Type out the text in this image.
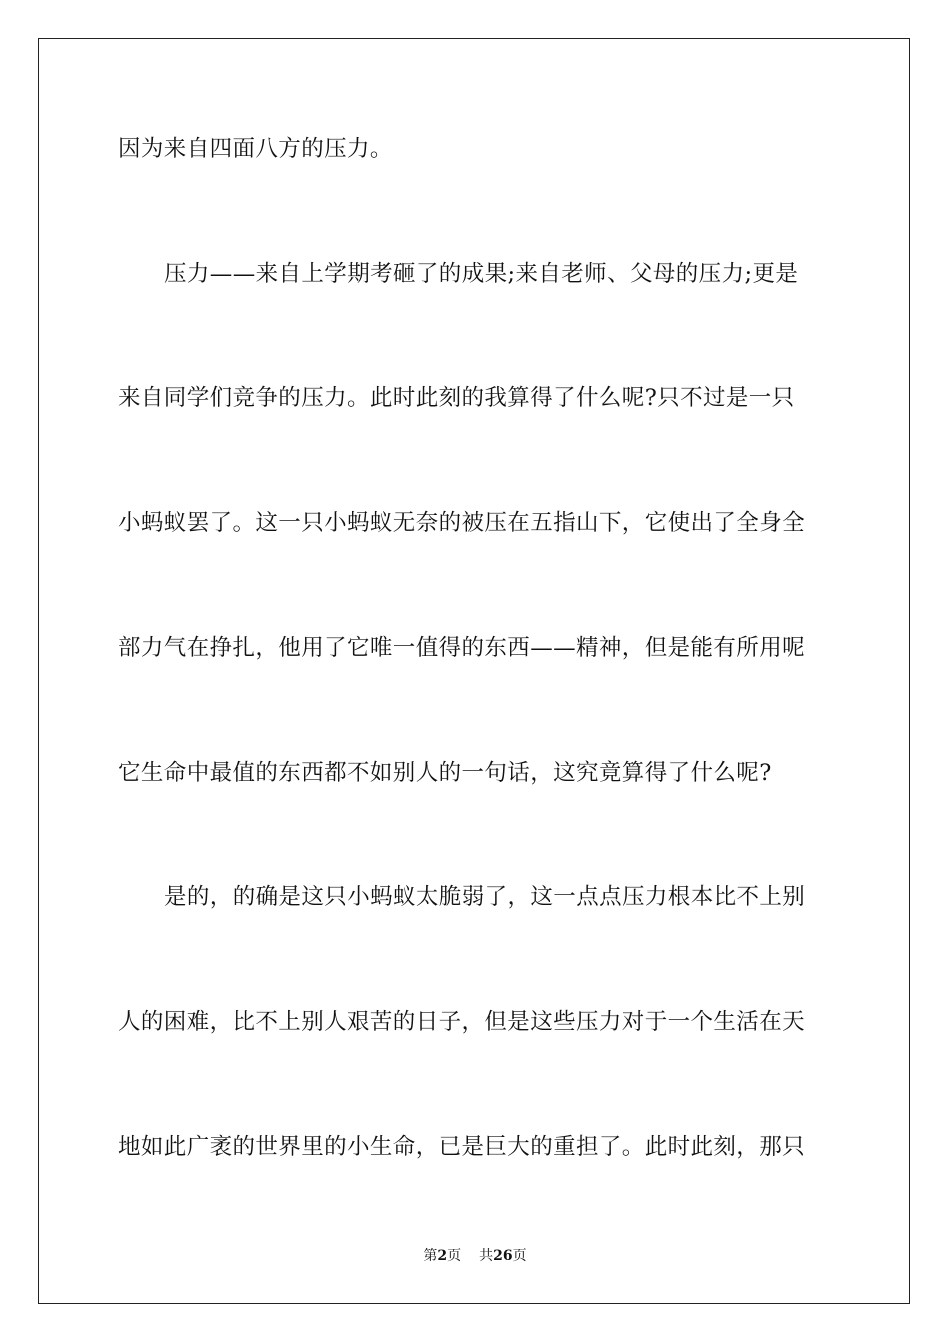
因为来自四面八方的压力。
压力——来自上学期考砸了的成果;来自老师、父母的压力;更是
来自同学们竞争的压力。此时此刻的我算得了什么呢?只不过是一只
小蚂蚁罢了。这一只小蚂蚁无奈的被压在五指山下，它使出了全身全
部力气在挣扎，他用了它唯一值得的东西——精神，但是能有所用呢
它生命中最值的东西都不如别人的一句话，这究竟算得了什么呢?
是的，的确是这只小蚂蚁太脆弱了，这一点点压力根本比不上别
人的困难，比不上别人艰苦的日子，但是这些压力对于一个生活在天
地如此广袤的世界里的小生命，已是巨大的重担了。此时此刻，那只
第2页 共26页
